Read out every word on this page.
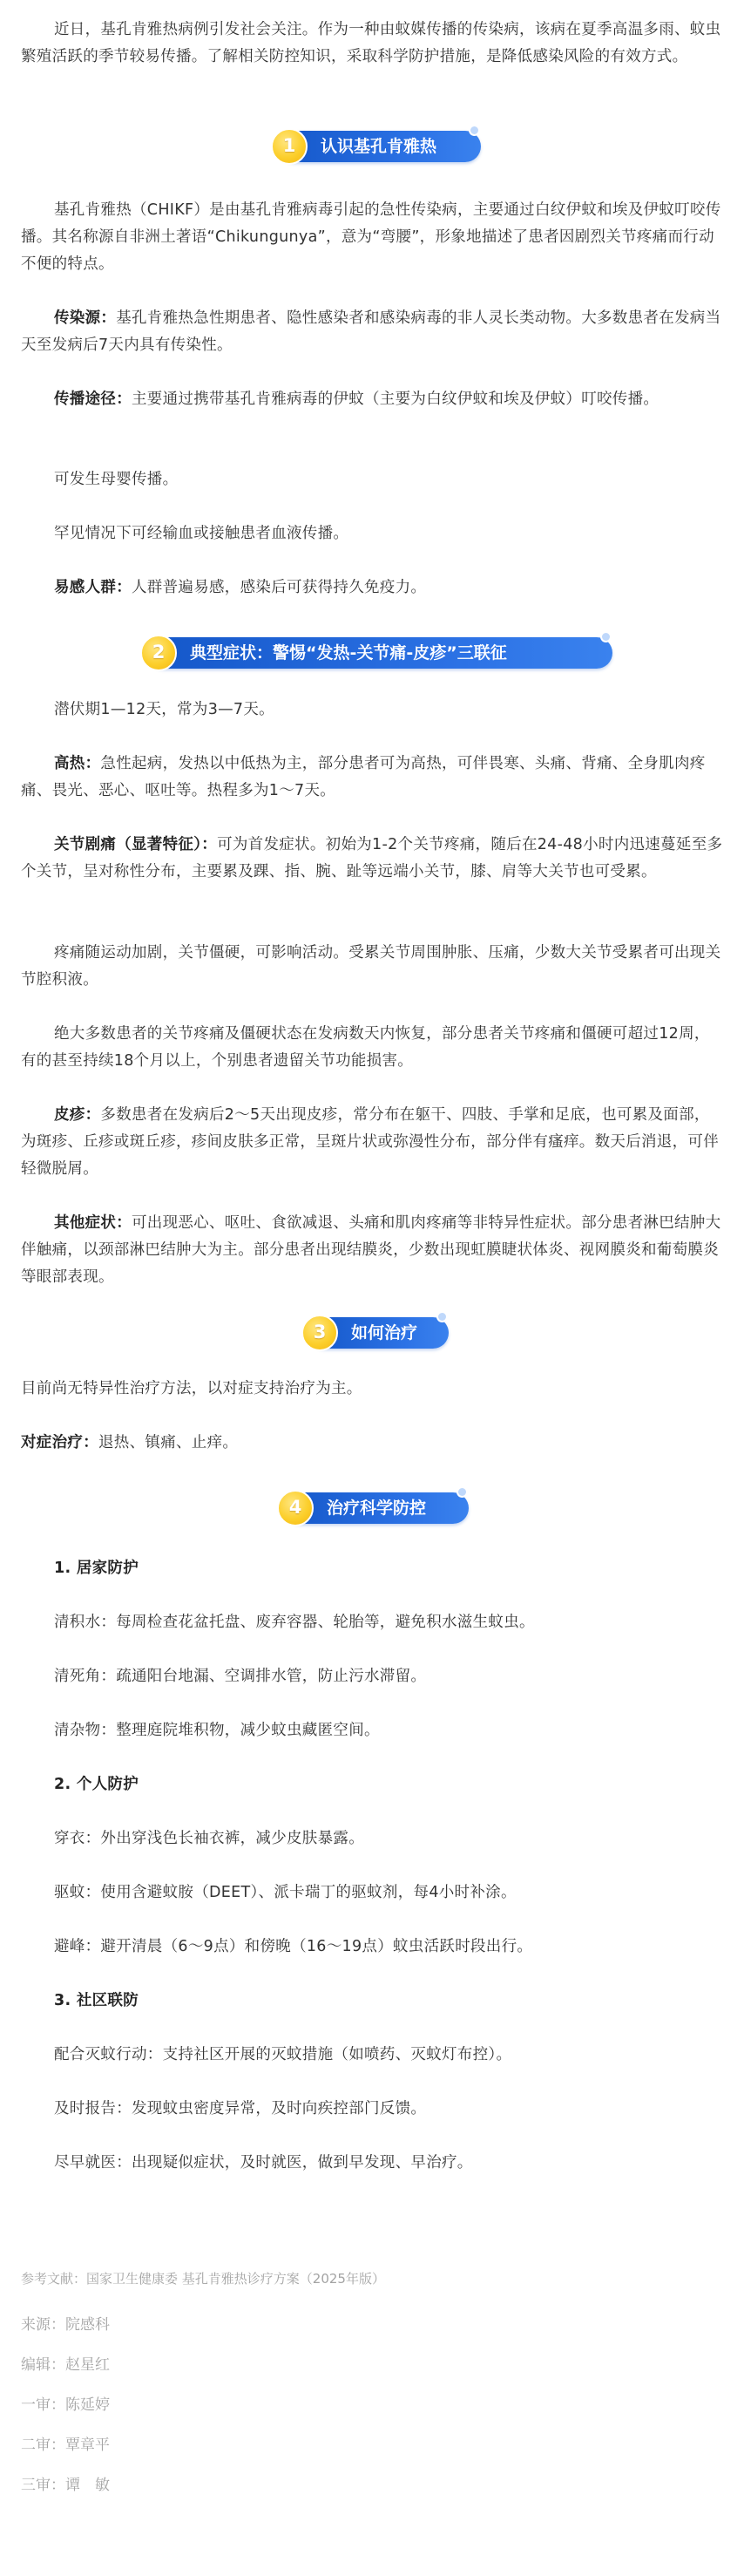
近日，基孔肯雅热病例引发社会关注。作为一种由蚊媒传播的传染病，该病在夏季高温多雨、蚊虫繁殖活跃的季节较易传播。了解相关防控知识，采取科学防护措施，是降低感染风险的有效方式。

1	认识基孔肯雅热

基孔肯雅热（CHIKF）是由基孔肯雅病毒引起的急性传染病，主要通过白纹伊蚊和埃及伊蚊叮咬传播。其名称源自非洲土著语“Chikungunya”，意为“弯腰”，形象地描述了患者因剧烈关节疼痛而行动不便的特点。

传染源：基孔肯雅热急性期患者、隐性感染者和感染病毒的非人灵长类动物。大多数患者在发病当天至发病后7天内具有传染性。

传播途径：主要通过携带基孔肯雅病毒的伊蚊（主要为白纹伊蚊和埃及伊蚊）叮咬传播。

可发生母婴传播。

罕见情况下可经输血或接触患者血液传播。

易感人群：人群普遍易感，感染后可获得持久免疫力。

2	典型症状：警惕“发热-关节痛-皮疹”三联征

潜伏期1—12天，常为3—7天。

高热：急性起病，发热以中低热为主，部分患者可为高热，可伴畏寒、头痛、背痛、全身肌肉疼痛、畏光、恶心、呕吐等。热程多为1～7天。

关节剧痛（显著特征）：可为首发症状。初始为1-2个关节疼痛，随后在24-48小时内迅速蔓延至多个关节，呈对称性分布，主要累及踝、指、腕、趾等远端小关节，膝、肩等大关节也可受累。

疼痛随运动加剧，关节僵硬，可影响活动。受累关节周围肿胀、压痛，少数大关节受累者可出现关节腔积液。

绝大多数患者的关节疼痛及僵硬状态在发病数天内恢复，部分患者关节疼痛和僵硬可超过12周，有的甚至持续18个月以上，个别患者遗留关节功能损害。

皮疹：多数患者在发病后2～5天出现皮疹，常分布在躯干、四肢、手掌和足底，也可累及面部，为斑疹、丘疹或斑丘疹，疹间皮肤多正常，呈斑片状或弥漫性分布，部分伴有瘙痒。数天后消退，可伴轻微脱屑。

其他症状：可出现恶心、呕吐、食欲减退、头痛和肌肉疼痛等非特异性症状。部分患者淋巴结肿大伴触痛，以颈部淋巴结肿大为主。部分患者出现结膜炎，少数出现虹膜睫状体炎、视网膜炎和葡萄膜炎等眼部表现。

3	如何治疗

目前尚无特异性治疗方法，以对症支持治疗为主。

对症治疗：退热、镇痛、止痒。

4	治疗科学防控

1. 居家防护

清积水：每周检查花盆托盘、废弃容器、轮胎等，避免积水滋生蚊虫。

清死角：疏通阳台地漏、空调排水管，防止污水滞留。

清杂物：整理庭院堆积物，减少蚊虫藏匿空间。

2. 个人防护

穿衣：外出穿浅色长袖衣裤，减少皮肤暴露。

驱蚊：使用含避蚊胺（DEET）、派卡瑞丁的驱蚊剂，每4小时补涂。

避峰：避开清晨（6～9点）和傍晚（16～19点）蚊虫活跃时段出行。

3. 社区联防

配合灭蚊行动：支持社区开展的灭蚊措施（如喷药、灭蚊灯布控）。

及时报告：发现蚊虫密度异常，及时向疾控部门反馈。

尽早就医：出现疑似症状，及时就医，做到早发现、早治疗。

参考文献：国家卫生健康委 基孔肯雅热诊疗方案（2025年版）

来源：院感科

编辑：赵星红

一审：陈延婷

二审：覃章平

三审：谭　敏
